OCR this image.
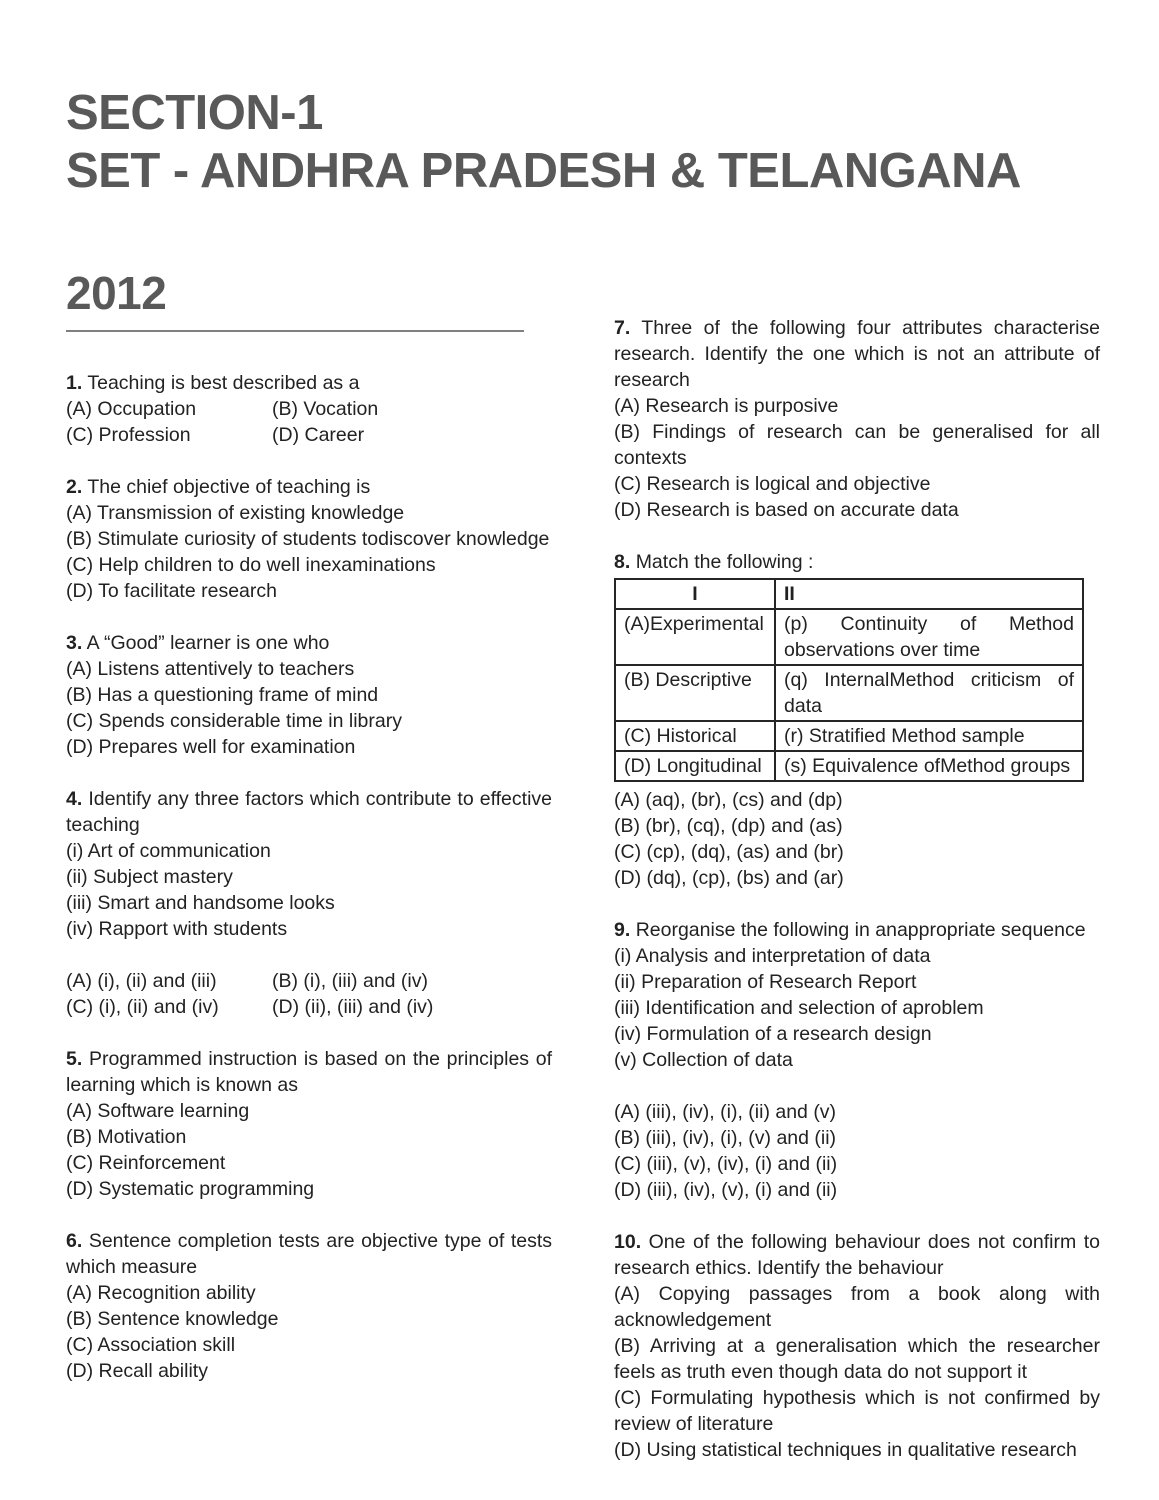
SECTION-1
SET - ANDHRA PRADESH & TELANGANA
2012

1. Teaching is best described as a

(A) Occupation	(B) Vocation
(C) Profession	(D) Career

2. The chief objective of teaching is

(A) Transmission of existing knowledge

(B) Stimulate curiosity of students todiscover knowledge

(C) Help children to do well inexaminations

(D) To facilitate research

3. A “Good” learner is one who

(A) Listens attentively to teachers

(B) Has a questioning frame of mind

(C) Spends considerable time in library

(D) Prepares well for examination

4. Identify any three factors which contribute to effective teaching

(i) Art of communication

(ii) Subject mastery

(iii) Smart and handsome looks

(iv) Rapport with students

(A) (i), (ii) and (iii)	(B) (i), (iii) and (iv)
(C) (i), (ii) and (iv)	(D) (ii), (iii) and (iv)

5. Programmed instruction is based on the principles of learning which is known as

(A) Software learning

(B) Motivation

(C) Reinforcement

(D) Systematic programming

6. Sentence completion tests are objective type of tests which measure

(A) Recognition ability

(B) Sentence knowledge

(C) Association skill

(D) Recall ability

7. Three of the following four attributes characterise research. Identify the one which is not an attribute of research

(A) Research is purposive

(B) Findings of research can be generalised for all contexts

(C) Research is logical and objective

(D) Research is based on accurate data

8. Match the following :

I	II
(A)Experimental	(p) Continuity of Method observations over time
(B) Descriptive	(q) InternalMethod criticism of data
(C) Historical	(r) Stratified Method sample
(D) Longitudinal	(s) Equivalence ofMethod groups

(A) (aq), (br), (cs) and (dp)

(B) (br), (cq), (dp) and (as)

(C) (cp), (dq), (as) and (br)

(D) (dq), (cp), (bs) and (ar)

9. Reorganise the following in anappropriate sequence

(i) Analysis and interpretation of data

(ii) Preparation of Research Report

(iii) Identification and selection of aproblem

(iv) Formulation of a research design

(v) Collection of data

(A) (iii), (iv), (i), (ii) and (v)

(B) (iii), (iv), (i), (v) and (ii)

(C) (iii), (v), (iv), (i) and (ii)

(D) (iii), (iv), (v), (i) and (ii)

10. One of the following behaviour does not confirm to research ethics. Identify the behaviour

(A) Copying passages from a book along with acknowledgement

(B) Arriving at a generalisation which the researcher feels as truth even though data do not support it

(C) Formulating hypothesis which is not confirmed by review of literature

(D) Using statistical techniques in qualitative research
